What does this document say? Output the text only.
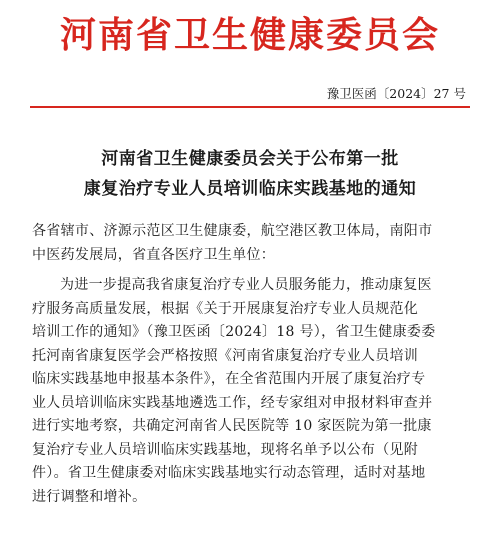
河南省卫生健康委员会
豫卫医函〔2024〕27 号
河南省卫生健康委员会关于公布第一批
康复治疗专业人员培训临床实践基地的通知
各省辖市、济源示范区卫生健康委，航空港区教卫体局，南阳市
中医药发展局，省直各医疗卫生单位：
为进一步提高我省康复治疗专业人员服务能力，推动康复医
疗服务高质量发展，根据《关于开展康复治疗专业人员规范化
培训工作的通知》（豫卫医函〔2024〕18 号），省卫生健康委委
托河南省康复医学会严格按照《河南省康复治疗专业人员培训
临床实践基地申报基本条件》，在全省范围内开展了康复治疗专
业人员培训临床实践基地遴选工作，经专家组对申报材料审查并
进行实地考察，共确定河南省人民医院等 10 家医院为第一批康
复治疗专业人员培训临床实践基地，现将名单予以公布（见附
件）。省卫生健康委对临床实践基地实行动态管理，适时对基地
进行调整和增补。
